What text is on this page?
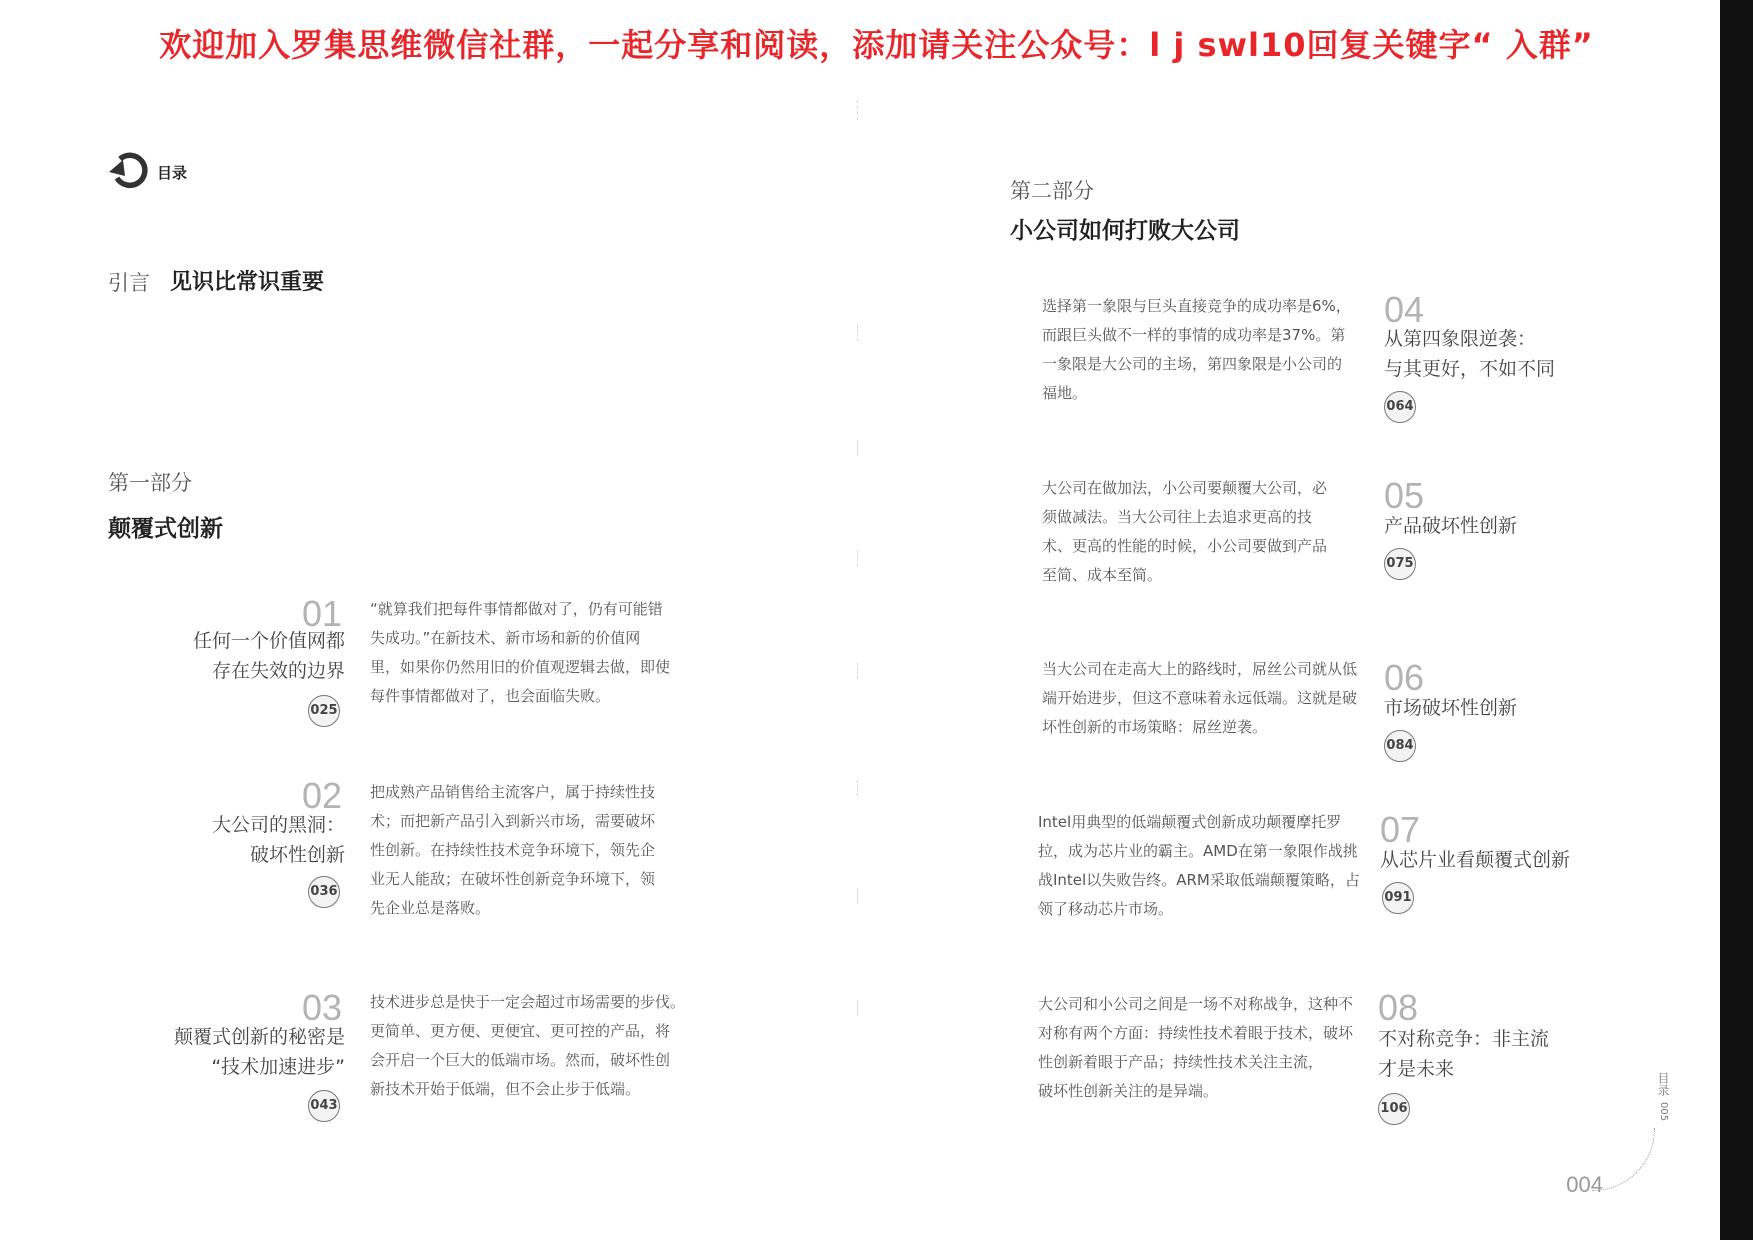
欢迎加入罗集思维微信社群，一起分享和阅读，添加请关注公众号：l j swl10回复关键字“ 入群”
目录
引言 见识比常识重要
第一部分
颠覆式创新
01
任何一个价值网都
存在失效的边界
025
“就算我们把每件事情都做对了，仍有可能错
失成功。”在新技术、新市场和新的价值网
里，如果你仍然用旧的价值观逻辑去做，即使
每件事情都做对了，也会面临失败。
02
大公司的黑洞：
破坏性创新
036
把成熟产品销售给主流客户，属于持续性技
术；而把新产品引入到新兴市场，需要破坏
性创新。在持续性技术竞争环境下，领先企
业无人能敌；在破坏性创新竞争环境下，领
先企业总是落败。
03
颠覆式创新的秘密是
“技术加速进步”
043
技术进步总是快于一定会超过市场需要的步伐。
更简单、更方便、更便宜、更可控的产品，将
会开启一个巨大的低端市场。然而，破坏性创
新技术开始于低端，但不会止步于低端。
第二部分
小公司如何打败大公司
选择第一象限与巨头直接竞争的成功率是6%，
而跟巨头做不一样的事情的成功率是37%。第
一象限是大公司的主场，第四象限是小公司的
福地。
04
从第四象限逆袭：
与其更好，不如不同
064
大公司在做加法，小公司要颠覆大公司，必
须做减法。当大公司往上去追求更高的技
术、更高的性能的时候，小公司要做到产品
至简、成本至简。
05
产品破坏性创新
075
当大公司在走高大上的路线时，屌丝公司就从低
端开始进步，但这不意味着永远低端。这就是破
坏性创新的市场策略：屌丝逆袭。
06
市场破坏性创新
084
Intel用典型的低端颠覆式创新成功颠覆摩托罗
拉，成为芯片业的霸主。AMD在第一象限作战挑
战Intel以失败告终。ARM采取低端颠覆策略，占
领了移动芯片市场。
07
从芯片业看颠覆式创新
091
大公司和小公司之间是一场不对称战争，这种不
对称有两个方面：持续性技术着眼于技术，破坏
性创新着眼于产品；持续性技术关注主流，
破坏性创新关注的是异端。
08
不对称竞争：非主流
才是未来
106
目录
005
004
